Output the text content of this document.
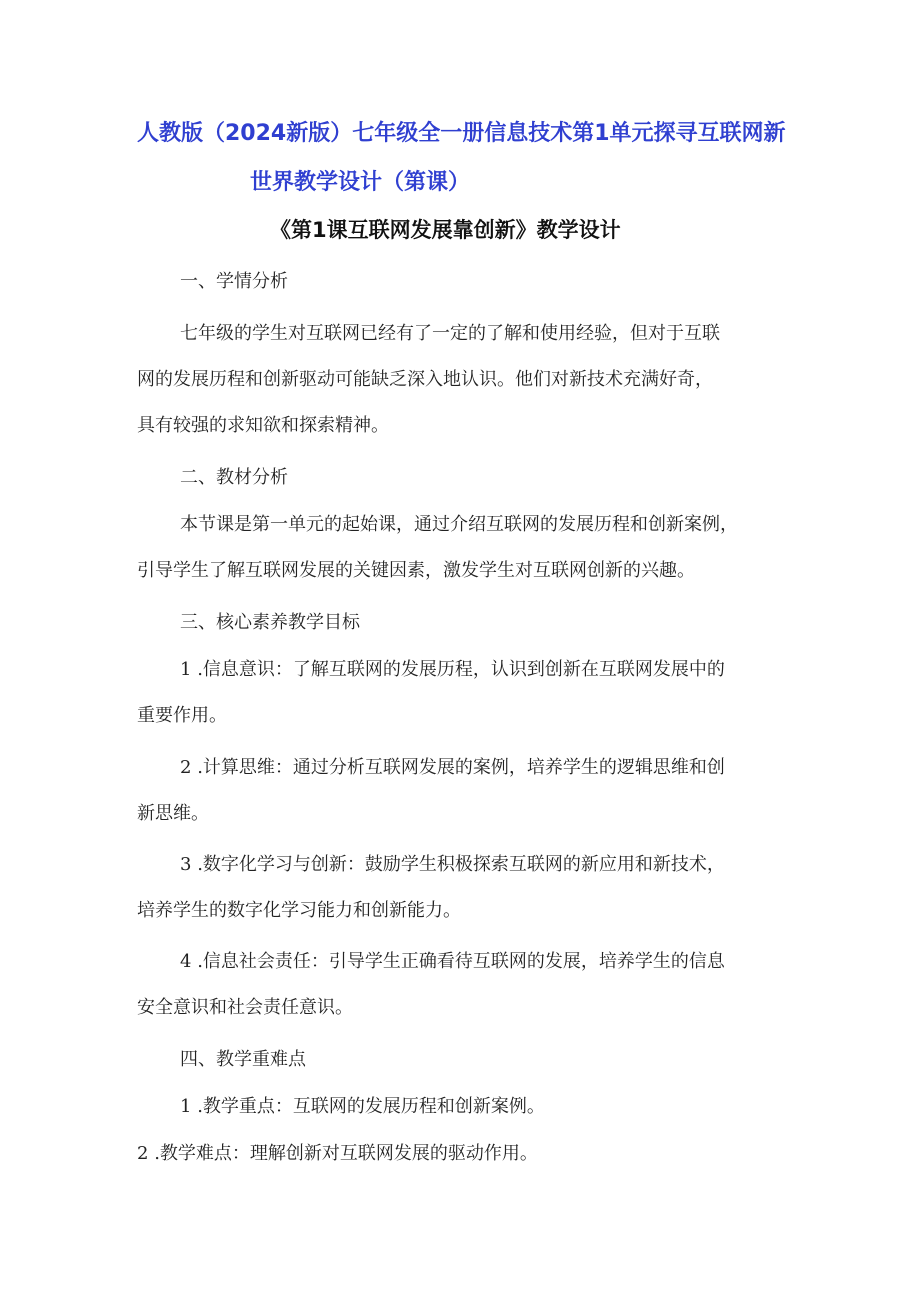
人教版（2024新版）七年级全一册信息技术第1单元探寻互联网新
世界教学设计（第课）
《第1课互联网发展靠创新》教学设计
一、学情分析
七年级的学生对互联网已经有了一定的了解和使用经验，但对于互联
网的发展历程和创新驱动可能缺乏深入地认识。他们对新技术充满好奇，
具有较强的求知欲和探索精神。
二、教材分析
本节课是第一单元的起始课，通过介绍互联网的发展历程和创新案例，
引导学生了解互联网发展的关键因素，激发学生对互联网创新的兴趣。
三、核心素养教学目标
1 .信息意识：了解互联网的发展历程，认识到创新在互联网发展中的
重要作用。
2 .计算思维：通过分析互联网发展的案例，培养学生的逻辑思维和创
新思维。
3 .数字化学习与创新：鼓励学生积极探索互联网的新应用和新技术，
培养学生的数字化学习能力和创新能力。
4 .信息社会责任：引导学生正确看待互联网的发展，培养学生的信息
安全意识和社会责任意识。
四、教学重难点
1 .教学重点：互联网的发展历程和创新案例。
2 .教学难点：理解创新对互联网发展的驱动作用。
